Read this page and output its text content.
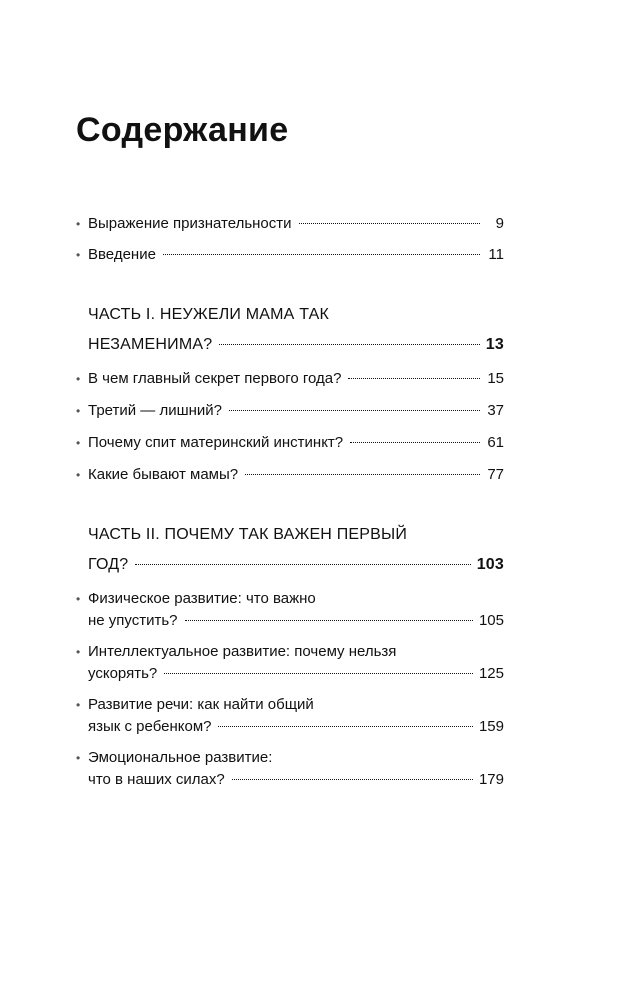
Содержание
• Выражение признательности	9
• Введение	11
ЧАСТЬ I. НЕУЖЕЛИ МАМА ТАК
НЕЗАМЕНИМА?	13
• В чем главный секрет первого года?	15
• Третий — лишний?	37
• Почему спит материнский инстинкт?	61
• Какие бывают мамы?	77
ЧАСТЬ II. ПОЧЕМУ ТАК ВАЖЕН ПЕРВЫЙ
ГОД?	103
• Физическое развитие: что важно
не упустить?	105
• Интеллектуальное развитие: почему нельзя
ускорять?	125
• Развитие речи: как найти общий
язык с ребенком?	159
• Эмоциональное развитие:
что в наших силах?	179
